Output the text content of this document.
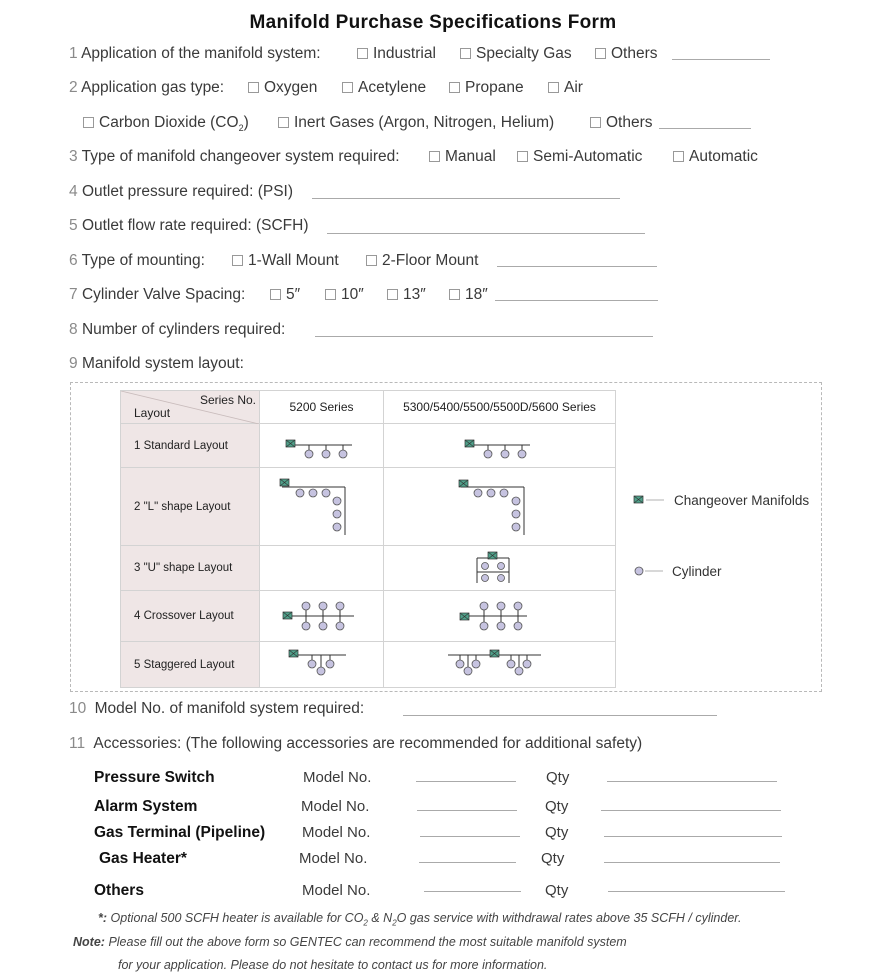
Manifold Purchase Specifications Form
1 Application of the manifold system:	Industrial	Specialty Gas	Others
2 Application gas type:	Oxygen	Acetylene	Propane	Air
Carbon Dioxide $(CO_2)$	Inert Gases (Argon, Nitrogen, Helium)	Others
3 Type of manifold changeover system required:	Manual	Semi-Automatic	Automatic
4 Outlet pressure required: (PSI)
5 Outlet flow rate required: (SCFH)
6 Type of mounting:	1-Wall Mount	2-Floor Mount
7 Cylinder Valve Spacing:	5″	10″	13″	18″
8 Number of cylinders required:
9 Manifold system layout:
Series No.
Layout	5200 Series	5300/5400/5500/5500D/5600 Series
1 Standard Layout	

2 "L" shape Layout	

3 "U" shape Layout		

4 Crossover Layout	

5 Staggered Layout	

Changeover Manifolds
Cylinder
10 Model No. of manifold system required:
11 Accessories: (The following accessories are recommended for additional safety)
Pressure Switch	Model No.	Qty
Alarm System	Model No.	Qty
Gas Terminal (Pipeline) Model No.	Qty
Gas Heater*	Model No.	Qty
Others	Model No.	Qty
*: Optional 500 SCFH heater is available for $CO_2$ & $N_2O$ gas service with withdrawal rates above 35 SCFH / cylinder.
Note: Please fill out the above form so GENTEC can recommend the most suitable manifold system
for your application. Please do not hesitate to contact us for more information.
